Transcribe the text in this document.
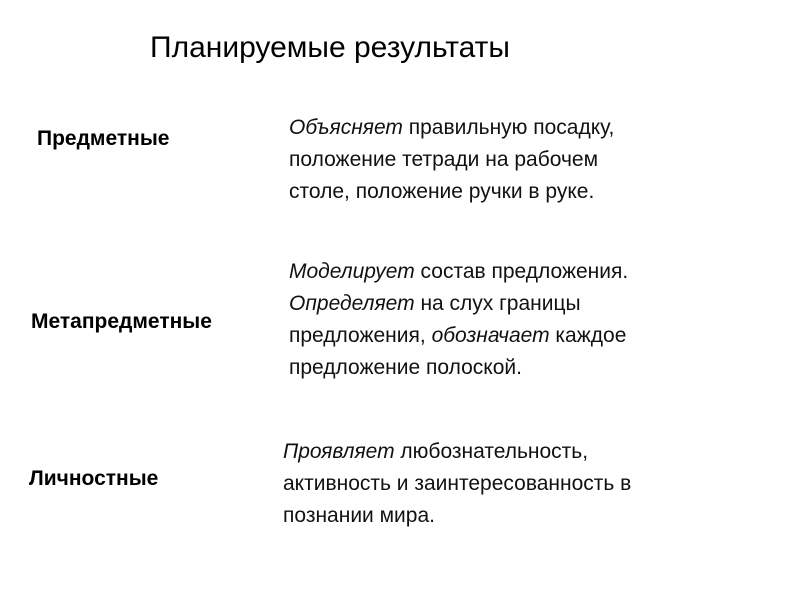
Планируемые результаты
Предметные	Объясняет правильную посадку,
положение тетради на рабочем
столе, положение ручки в руке.
Метапредметные
Моделирует состав предложения.
Определяет на слух границы
предложения, обозначает каждое
предложение полоской.
Личностные
Проявляет любознательность,
активность и заинтересованность в
познании мира.
